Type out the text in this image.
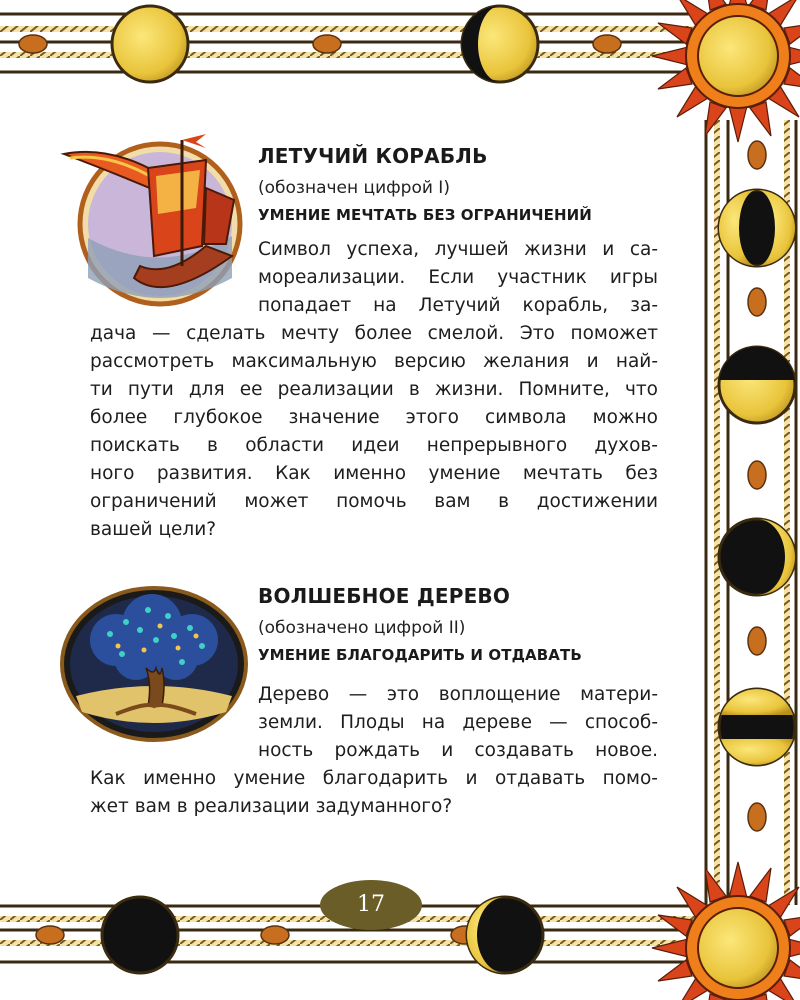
ЛЕТУЧИЙ КОРАБЛЬ
(обозначен цифрой I)
УМЕНИЕ МЕЧТАТЬ БЕЗ ОГРАНИЧЕНИЙ
Символ успеха, лучшей жизни и са-
мореализации. Если участник игры
попадает на Летучий корабль, за-
дача — сделать мечту более смелой. Это поможет
рассмотреть максимальную версию желания и най-
ти пути для ее реализации в жизни. Помните, что
более глубокое значение этого символа можно
поискать в области идеи непрерывного духов-
ного развития. Как именно умение мечтать без
ограничений может помочь вам в достижении
вашей цели?
ВОЛШЕБНОЕ ДЕРЕВО
(обозначено цифрой II)
УМЕНИЕ БЛАГОДАРИТЬ И ОТДАВАТЬ
Дерево — это воплощение матери-
земли. Плоды на дереве — способ-
ность рождать и создавать новое.
Как именно умение благодарить и отдавать помо-
жет вам в реализации задуманного?
17
